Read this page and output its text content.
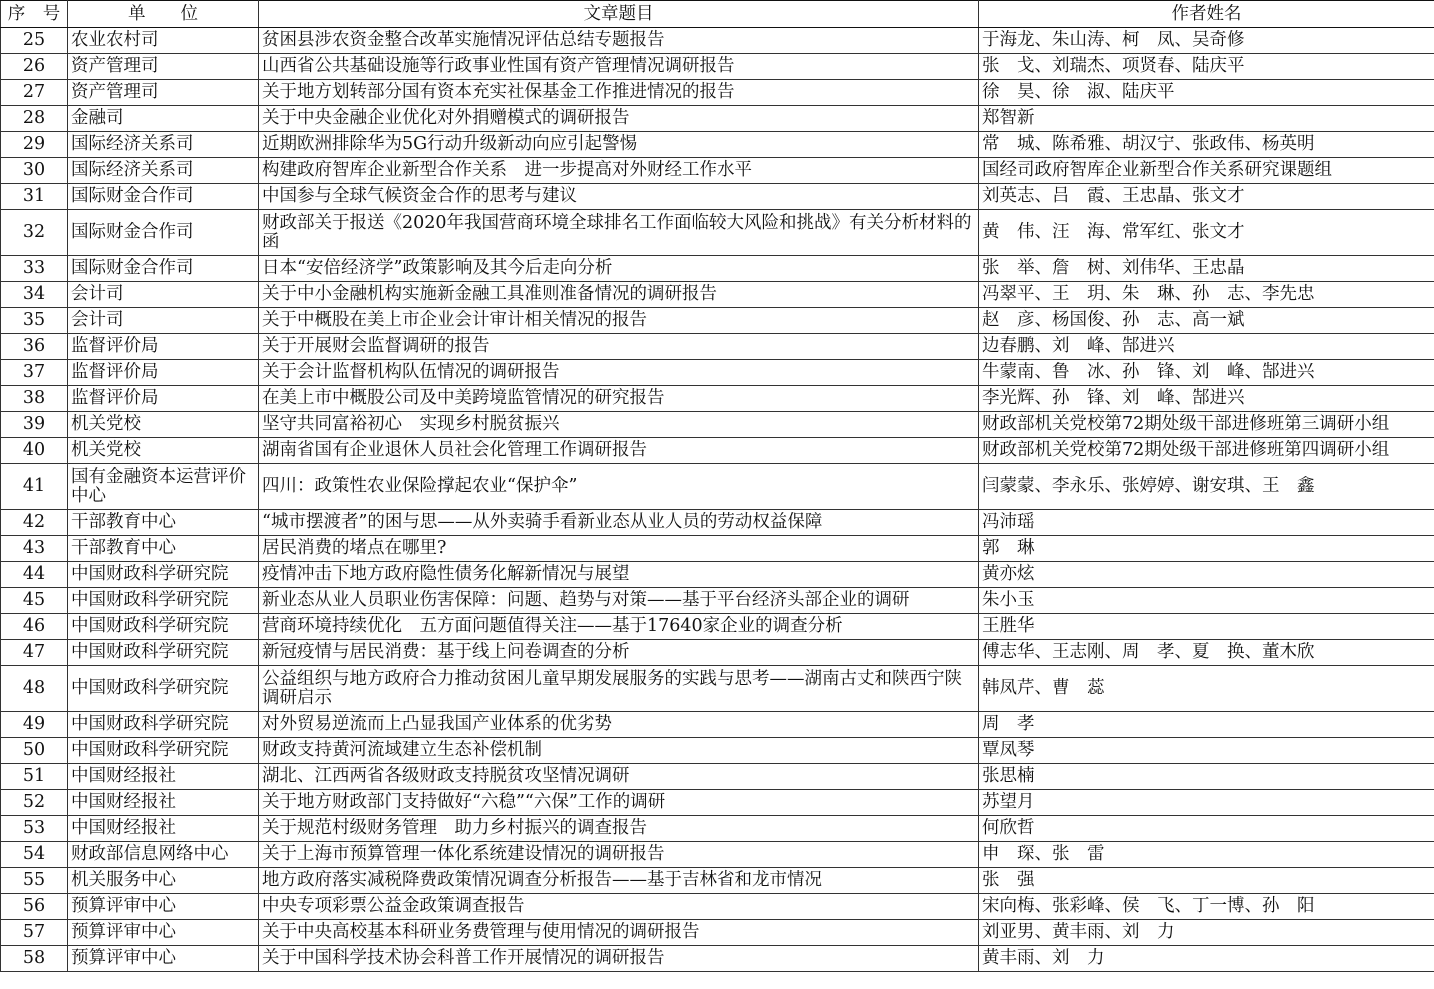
序　号	单　　位	文章题目	作者姓名
25	农业农村司	贫困县涉农资金整合改革实施情况评估总结专题报告	于海龙、朱山涛、柯　凤、吴奇修
26	资产管理司	山西省公共基础设施等行政事业性国有资产管理情况调研报告	张　戈、刘瑞杰、项贤春、陆庆平
27	资产管理司	关于地方划转部分国有资本充实社保基金工作推进情况的报告	徐　昊、徐　淑、陆庆平
28	金融司	关于中央金融企业优化对外捐赠模式的调研报告	郑智新
29	国际经济关系司	近期欧洲排除华为5G行动升级新动向应引起警惕	常　城、陈希雅、胡汉宁、张政伟、杨英明
30	国际经济关系司	构建政府智库企业新型合作关系　进一步提高对外财经工作水平	国经司政府智库企业新型合作关系研究课题组
31	国际财金合作司	中国参与全球气候资金合作的思考与建议	刘英志、吕　霞、王忠晶、张文才
32	国际财金合作司	财政部关于报送《2020年我国营商环境全球排名工作面临较大风险和挑战》有关分析材料的函	黄　伟、汪　海、常军红、张文才
33	国际财金合作司	日本“安倍经济学”政策影响及其今后走向分析	张　举、詹　树、刘伟华、王忠晶
34	会计司	关于中小金融机构实施新金融工具准则准备情况的调研报告	冯翠平、王　玥、朱　琳、孙　志、李先忠
35	会计司	关于中概股在美上市企业会计审计相关情况的报告	赵　彦、杨国俊、孙　志、高一斌
36	监督评价局	关于开展财会监督调研的报告	边春鹏、刘　峰、郜进兴
37	监督评价局	关于会计监督机构队伍情况的调研报告	牛蒙南、鲁　冰、孙　锋、刘　峰、郜进兴
38	监督评价局	在美上市中概股公司及中美跨境监管情况的研究报告	李光辉、孙　锋、刘　峰、郜进兴
39	机关党校	坚守共同富裕初心　实现乡村脱贫振兴	财政部机关党校第72期处级干部进修班第三调研小组
40	机关党校	湖南省国有企业退休人员社会化管理工作调研报告	财政部机关党校第72期处级干部进修班第四调研小组
41	国有金融资本运营评价中心	四川：政策性农业保险撑起农业“保护伞”	闫蒙蒙、李永乐、张婷婷、谢安琪、王　鑫
42	干部教育中心	“城市摆渡者”的困与思——从外卖骑手看新业态从业人员的劳动权益保障	冯沛瑶
43	干部教育中心	居民消费的堵点在哪里?	郭　琳
44	中国财政科学研究院	疫情冲击下地方政府隐性债务化解新情况与展望	黄亦炫
45	中国财政科学研究院	新业态从业人员职业伤害保障：问题、趋势与对策——基于平台经济头部企业的调研	朱小玉
46	中国财政科学研究院	营商环境持续优化　五方面问题值得关注——基于17640家企业的调查分析	王胜华
47	中国财政科学研究院	新冠疫情与居民消费：基于线上问卷调查的分析	傅志华、王志刚、周　孝、夏　换、董木欣
48	中国财政科学研究院	公益组织与地方政府合力推动贫困儿童早期发展服务的实践与思考——湖南古丈和陕西宁陕调研启示	韩凤芹、曹　蕊
49	中国财政科学研究院	对外贸易逆流而上凸显我国产业体系的优劣势	周　孝
50	中国财政科学研究院	财政支持黄河流域建立生态补偿机制	覃凤琴
51	中国财经报社	湖北、江西两省各级财政支持脱贫攻坚情况调研	张思楠
52	中国财经报社	关于地方财政部门支持做好“六稳”“六保”工作的调研	苏望月
53	中国财经报社	关于规范村级财务管理　助力乡村振兴的调查报告	何欣哲
54	财政部信息网络中心	关于上海市预算管理一体化系统建设情况的调研报告	申　琛、张　雷
55	机关服务中心	地方政府落实减税降费政策情况调查分析报告——基于吉林省和龙市情况	张　强
56	预算评审中心	中央专项彩票公益金政策调查报告	宋向梅、张彩峰、侯　飞、丁一博、孙　阳
57	预算评审中心	关于中央高校基本科研业务费管理与使用情况的调研报告	刘亚男、黄丰雨、刘　力
58	预算评审中心	关于中国科学技术协会科普工作开展情况的调研报告	黄丰雨、刘　力
